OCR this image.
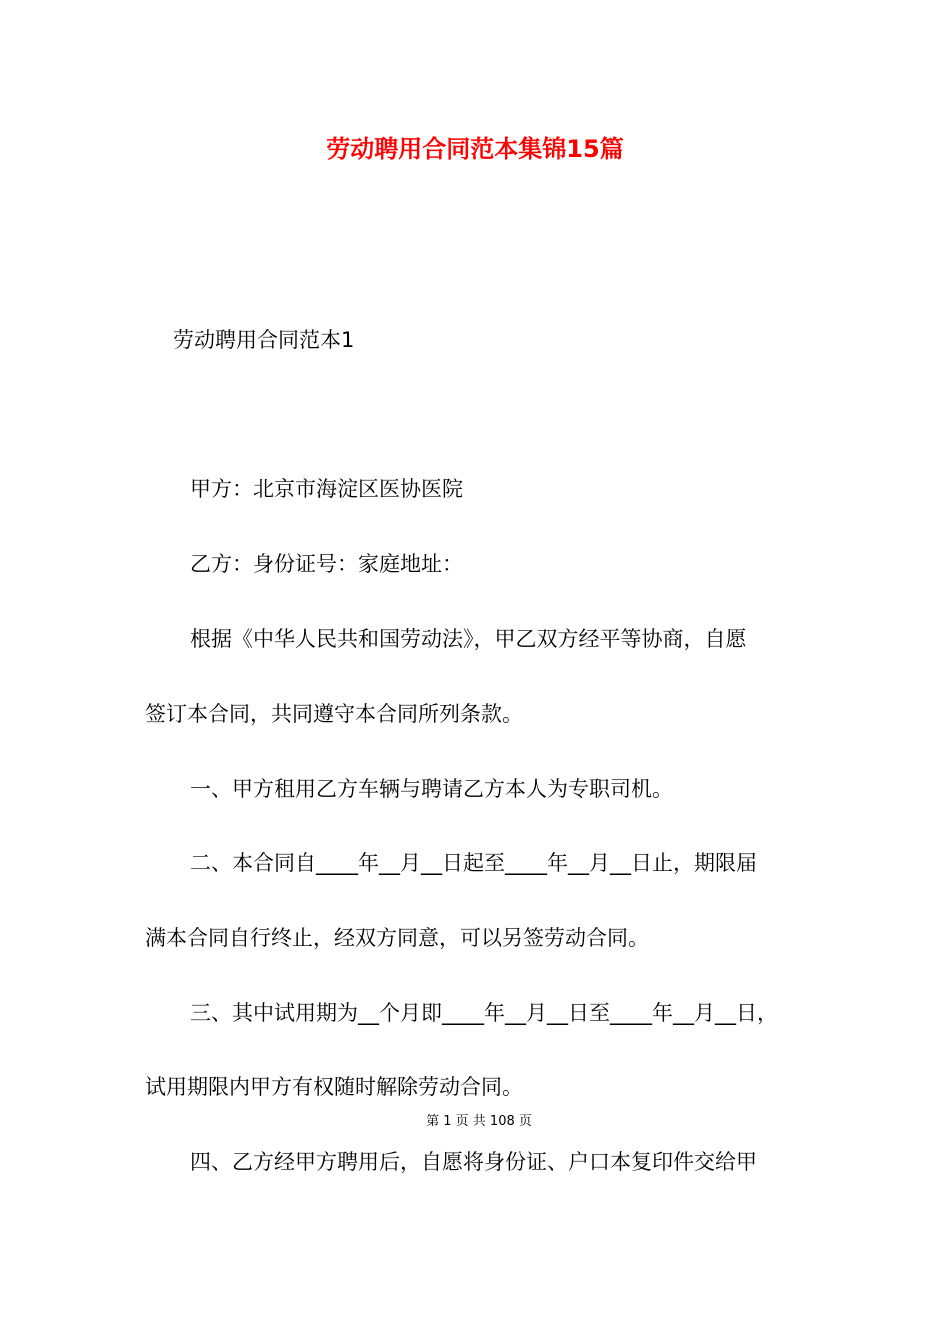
劳动聘用合同范本集锦15篇
劳动聘用合同范本1
甲方：北京市海淀区医协医院
乙方：身份证号：家庭地址：
根据《中华人民共和国劳动法》，甲乙双方经平等协商，自愿
签订本合同，共同遵守本合同所列条款。
一、甲方租用乙方车辆与聘请乙方本人为专职司机。
二、本合同自____年__月__日起至____年__月__日止，期限届
满本合同自行终止，经双方同意，可以另签劳动合同。
三、其中试用期为__个月即____年__月__日至____年__月__日，
试用期限内甲方有权随时解除劳动合同。
第 1 页 共 108 页
四、乙方经甲方聘用后，自愿将身份证、户口本复印件交给甲
